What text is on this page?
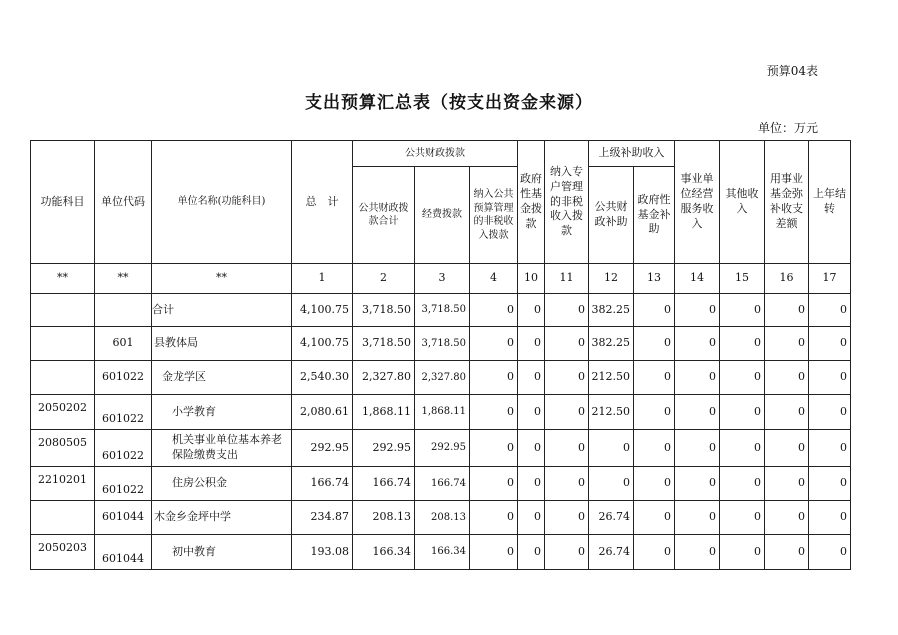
预算04表
支出预算汇总表（按支出资金来源）
单位：万元
功能科目	单位代码	单位名称(功能科目)	总　计	公共财政拨款			政府性基金拨款	纳入专户管理的非税收入拨款	上级补助收入		事业单位经营服务收入	其他收入	用事业基金弥补收支差额	上年结转
				公共财政拨款合计	经费拨款	纳入公共预算管理的非税收入拨款			公共财政补助	政府性基金补助				
**	**	**	1	2	3	4	10	11	12	13	14	15	16	17
		合计	4,100.75	3,718.50	3,718.50	0	0	0	382.25	0	0	0	0	0
	601	县教体局	4,100.75	3,718.50	3,718.50	0	0	0	382.25	0	0	0	0	0
	601022	金龙学区	2,540.30	2,327.80	2,327.80	0	0	0	212.50	0	0	0	0	0
2050202	601022	小学教育	2,080.61	1,868.11	1,868.11	0	0	0	212.50	0	0	0	0	0
2080505	601022	机关事业单位基本养老保险缴费支出	292.95	292.95	292.95	0	0	0	0	0	0	0	0	0
2210201	601022	住房公积金	166.74	166.74	166.74	0	0	0	0	0	0	0	0	0
	601044	木金乡金坪中学	234.87	208.13	208.13	0	0	0	26.74	0	0	0	0	0
2050203	601044	初中教育	193.08	166.34	166.34	0	0	0	26.74	0	0	0	0	0
